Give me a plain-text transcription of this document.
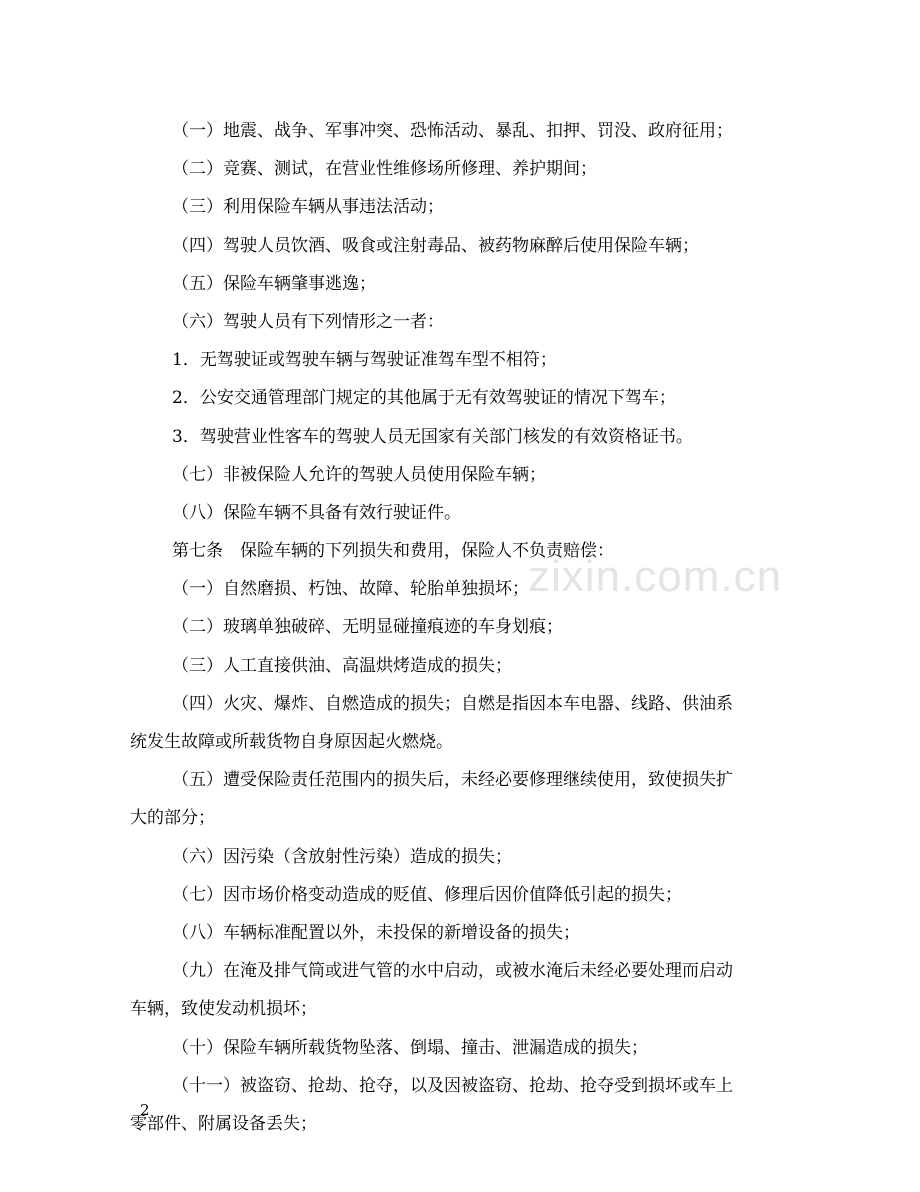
zixin.com.cn
（一）地震、战争、军事冲突、恐怖活动、暴乱、扣押、罚没、政府征用；
（二）竞赛、测试，在营业性维修场所修理、养护期间；
（三）利用保险车辆从事违法活动；
（四）驾驶人员饮酒、吸食或注射毒品、被药物麻醉后使用保险车辆；
（五）保险车辆肇事逃逸；
（六）驾驶人员有下列情形之一者：
1．无驾驶证或驾驶车辆与驾驶证准驾车型不相符；
2．公安交通管理部门规定的其他属于无有效驾驶证的情况下驾车；
3．驾驶营业性客车的驾驶人员无国家有关部门核发的有效资格证书。
（七）非被保险人允许的驾驶人员使用保险车辆；
（八）保险车辆不具备有效行驶证件。
第七条　保险车辆的下列损失和费用，保险人不负责赔偿：
（一）自然磨损、朽蚀、故障、轮胎单独损坏；
（二）玻璃单独破碎、无明显碰撞痕迹的车身划痕；
（三）人工直接供油、高温烘烤造成的损失；
（四）火灾、爆炸、自燃造成的损失；自燃是指因本车电器、线路、供油系
统发生故障或所载货物自身原因起火燃烧。
（五）遭受保险责任范围内的损失后，未经必要修理继续使用，致使损失扩
大的部分；
（六）因污染（含放射性污染）造成的损失；
（七）因市场价格变动造成的贬值、修理后因价值降低引起的损失；
（八）车辆标准配置以外，未投保的新增设备的损失；
（九）在淹及排气筒或进气管的水中启动，或被水淹后未经必要处理而启动
车辆，致使发动机损坏；
（十）保险车辆所载货物坠落、倒塌、撞击、泄漏造成的损失；
（十一）被盗窃、抢劫、抢夺，以及因被盗窃、抢劫、抢夺受到损坏或车上
零部件、附属设备丢失；
2
